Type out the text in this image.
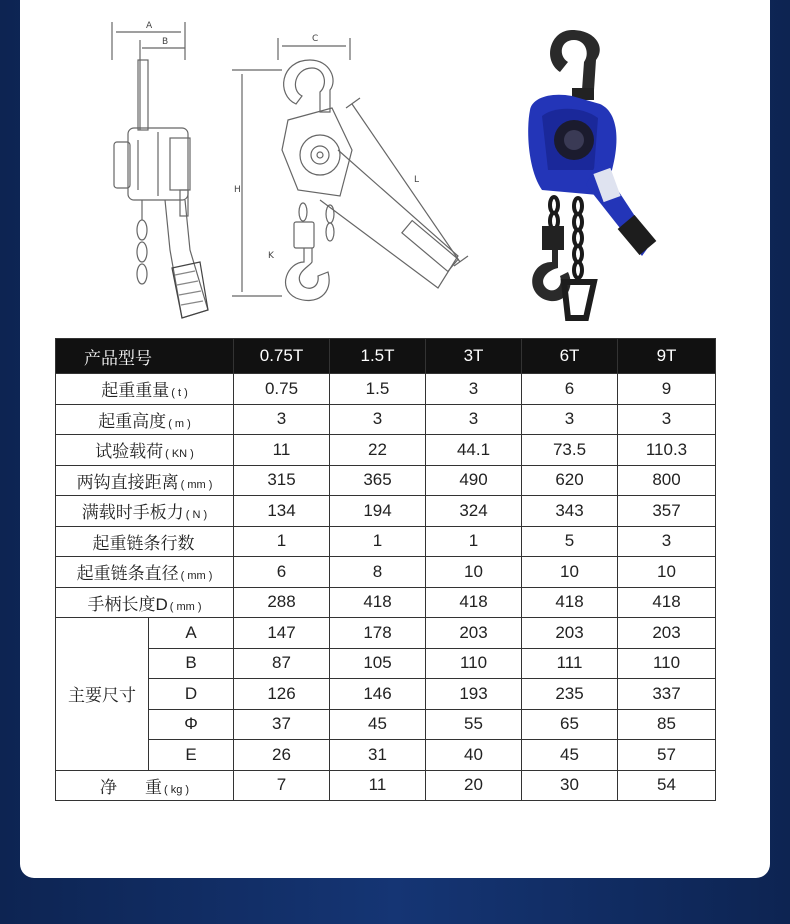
A
B	C
H
L
K
产品型号		0.75T	1.5T	3T	6T	9T
起重重量 ( t )		0.75	1.5	3	6	9
起重高度 ( m )		3	3	3	3	3
试验载荷 ( KN )		11	22	44.1	73.5	110.3
两钩直接距离 ( mm )		315	365	490	620	800
满载时手板力 ( N )		134	194	324	343	357
起重链条行数		1	1	1	5	3
起重链条直径 ( mm )		6	8	10	10	10
手柄长度D ( mm )		288	418	418	418	418
主要尺寸	A	147	178	203	203	203
	B	87	105	110	111	110
	D	126	146	193	235	337
	Φ	37	45	55	65	85
	E	26	31	40	45	57
净 重 ( kg )		7	11	20	30	54
